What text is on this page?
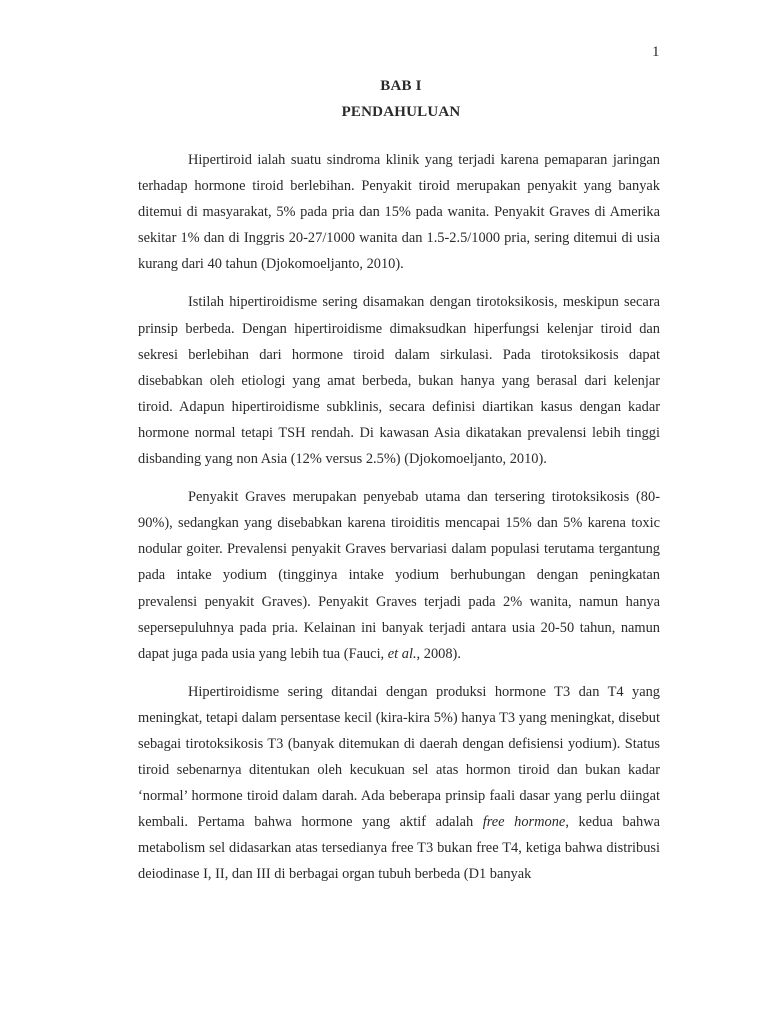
1
BAB I
PENDAHULUAN

Hipertiroid ialah suatu sindroma klinik yang terjadi karena pemaparan jaringan terhadap hormone tiroid berlebihan. Penyakit tiroid merupakan penyakit yang banyak ditemui di masyarakat, 5% pada pria dan 15% pada wanita. Penyakit Graves di Amerika sekitar 1% dan di Inggris 20-27/1000 wanita dan 1.5-2.5/1000 pria, sering ditemui di usia kurang dari 40 tahun (Djokomoeljanto, 2010).

Istilah hipertiroidisme sering disamakan dengan tirotoksikosis, meskipun secara prinsip berbeda. Dengan hipertiroidisme dimaksudkan hiperfungsi kelenjar tiroid dan sekresi berlebihan dari hormone tiroid dalam sirkulasi. Pada tirotoksikosis dapat disebabkan oleh etiologi yang amat berbeda, bukan hanya yang berasal dari kelenjar tiroid. Adapun hipertiroidisme subklinis, secara definisi diartikan kasus dengan kadar hormone normal tetapi TSH rendah. Di kawasan Asia dikatakan prevalensi lebih tinggi disbanding yang non Asia (12% versus 2.5%) (Djokomoeljanto, 2010).

Penyakit Graves merupakan penyebab utama dan tersering tirotoksikosis (80-90%), sedangkan yang disebabkan karena tiroiditis mencapai 15% dan 5% karena toxic nodular goiter. Prevalensi penyakit Graves bervariasi dalam populasi terutama tergantung pada intake yodium (tingginya intake yodium berhubungan dengan peningkatan prevalensi penyakit Graves). Penyakit Graves terjadi pada 2% wanita, namun hanya sepersepuluhnya pada pria. Kelainan ini banyak terjadi antara usia 20-50 tahun, namun dapat juga pada usia yang lebih tua (Fauci, et al., 2008).

Hipertiroidisme sering ditandai dengan produksi hormone T3 dan T4 yang meningkat, tetapi dalam persentase kecil (kira-kira 5%) hanya T3 yang meningkat, disebut sebagai tirotoksikosis T3 (banyak ditemukan di daerah dengan defisiensi yodium). Status tiroid sebenarnya ditentukan oleh kecukuan sel atas hormon tiroid dan bukan kadar ‘normal’ hormone tiroid dalam darah. Ada beberapa prinsip faali dasar yang perlu diingat kembali. Pertama bahwa hormone yang aktif adalah free hormone, kedua bahwa metabolism sel didasarkan atas tersedianya free T3 bukan free T4, ketiga bahwa distribusi deiodinase I, II, dan III di berbagai organ tubuh berbeda (D1 banyak
